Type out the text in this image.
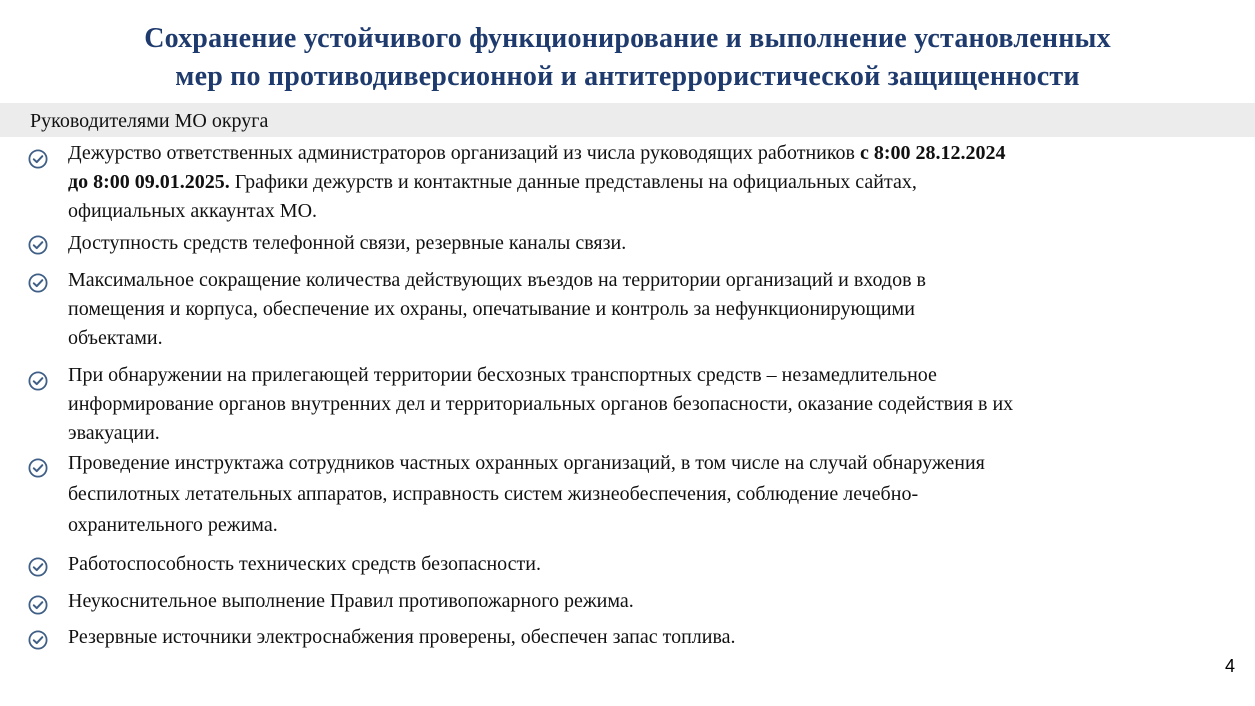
Сохранение устойчивого функционирование и выполнение установленных
мер по противодиверсионной и антитеррористической защищенности
Руководителями МО округа
Дежурство ответственных администраторов организаций из числа руководящих работников с 8:00 28.12.2024
до 8:00 09.01.2025. Графики дежурств и контактные данные представлены на официальных сайтах,
официальных аккаунтах МО.
Доступность средств телефонной связи, резервные каналы связи.
Максимальное сокращение количества действующих въездов на территории организаций и входов в
помещения и корпуса, обеспечение их охраны, опечатывание и контроль за нефункционирующими
объектами.
При обнаружении на прилегающей территории бесхозных транспортных средств – незамедлительное
информирование органов внутренних дел и территориальных органов безопасности, оказание содействия в их
эвакуации.
Проведение инструктажа сотрудников частных охранных организаций, в том числе на случай обнаружения
беспилотных летательных аппаратов, исправность систем жизнеобеспечения, соблюдение лечебно-
охранительного режима.
Работоспособность технических средств безопасности.
Неукоснительное выполнение Правил противопожарного режима.
Резервные источники электроснабжения проверены, обеспечен запас топлива.
4
